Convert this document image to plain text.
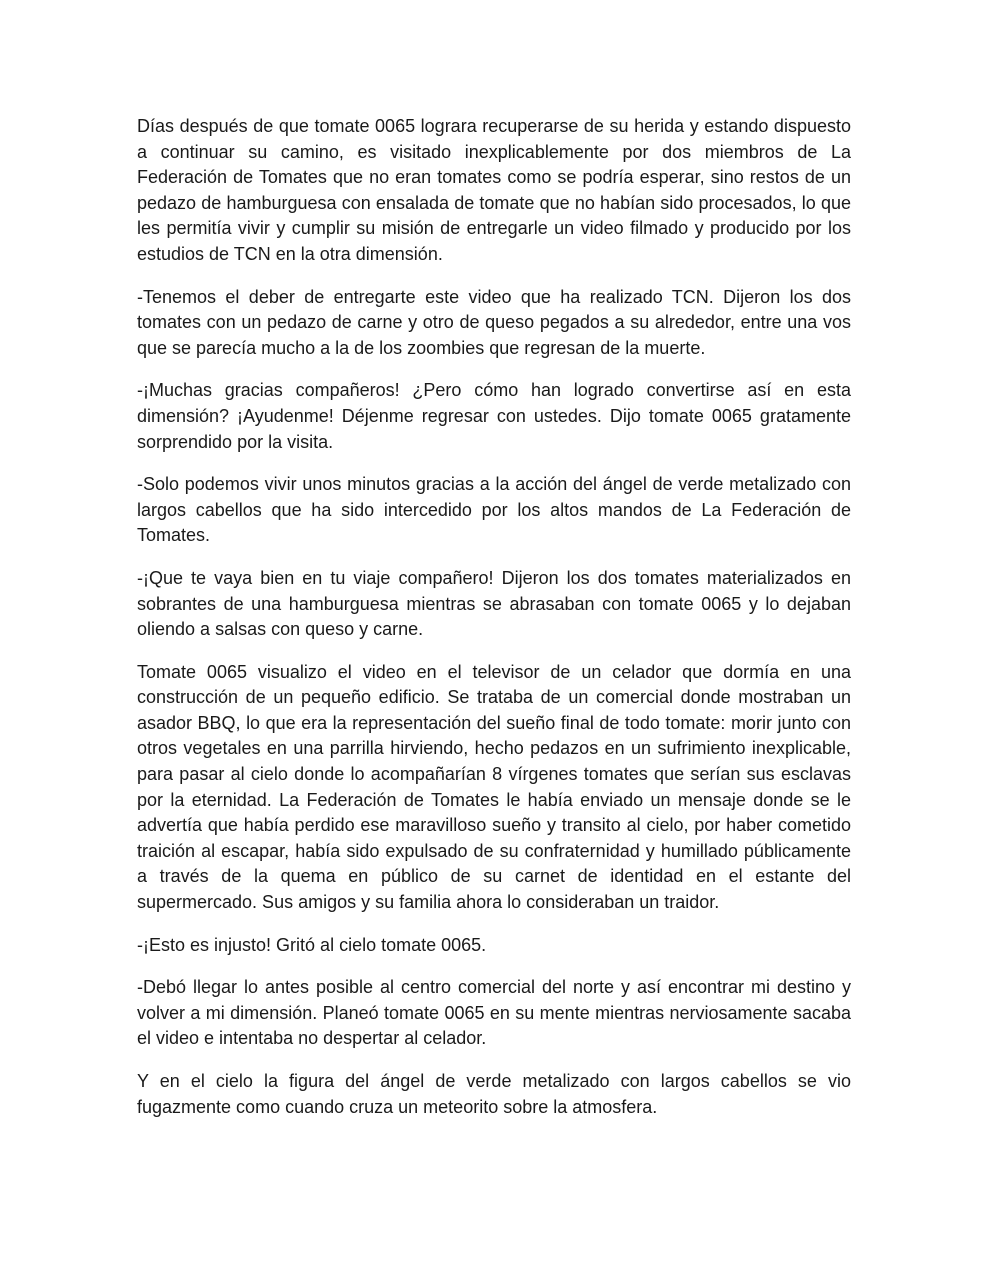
Días después de que tomate 0065 lograra recuperarse de su herida y estando dispuesto a continuar su camino, es visitado inexplicablemente por dos miembros de La Federación de Tomates que no eran tomates como se podría esperar, sino restos de un pedazo de hamburguesa con ensalada de tomate que no habían sido procesados, lo que les permitía vivir y cumplir su misión de entregarle un video filmado y producido por los estudios de TCN en la otra dimensión.

-Tenemos el deber de entregarte este video que ha realizado TCN. Dijeron los dos tomates con un pedazo de carne y otro de queso pegados a su alrededor, entre una vos que se parecía mucho a la de los zoombies que regresan de la muerte.

-¡Muchas gracias compañeros! ¿Pero cómo han logrado convertirse así en esta dimensión? ¡Ayudenme! Déjenme regresar con ustedes. Dijo tomate 0065 gratamente sorprendido por la visita.

-Solo podemos vivir unos minutos gracias a la acción del ángel de verde metalizado con largos cabellos que ha sido intercedido por los altos mandos de La Federación de Tomates.

-¡Que te vaya bien en tu viaje compañero! Dijeron los dos tomates materializados en sobrantes de una hamburguesa mientras se abrasaban con tomate 0065 y lo dejaban oliendo a salsas con queso y carne.

Tomate 0065 visualizo el video en el televisor de un celador que dormía en una construcción de un pequeño edificio. Se trataba de un comercial donde mostraban un asador BBQ, lo que era la representación del sueño final de todo tomate: morir junto con otros vegetales en una parrilla hirviendo, hecho pedazos en un sufrimiento inexplicable, para pasar al cielo donde lo acompañarían 8 vírgenes tomates que serían sus esclavas por la eternidad. La Federación de Tomates le había enviado un mensaje donde se le advertía que había perdido ese maravilloso sueño y transito al cielo, por haber cometido traición al escapar, había sido expulsado de su confraternidad y humillado públicamente a través de la quema en público de su carnet de identidad en el estante del supermercado. Sus amigos y su familia ahora lo consideraban un traidor.

-¡Esto es injusto! Gritó al cielo tomate 0065.

-Debó llegar lo antes posible al centro comercial del norte y así encontrar mi destino y volver a mi dimensión. Planeó tomate 0065 en su mente mientras nerviosamente sacaba el video e intentaba no despertar al celador.

Y en el cielo la figura del ángel de verde metalizado con largos cabellos se vio fugazmente como cuando cruza un meteorito sobre la atmosfera.
